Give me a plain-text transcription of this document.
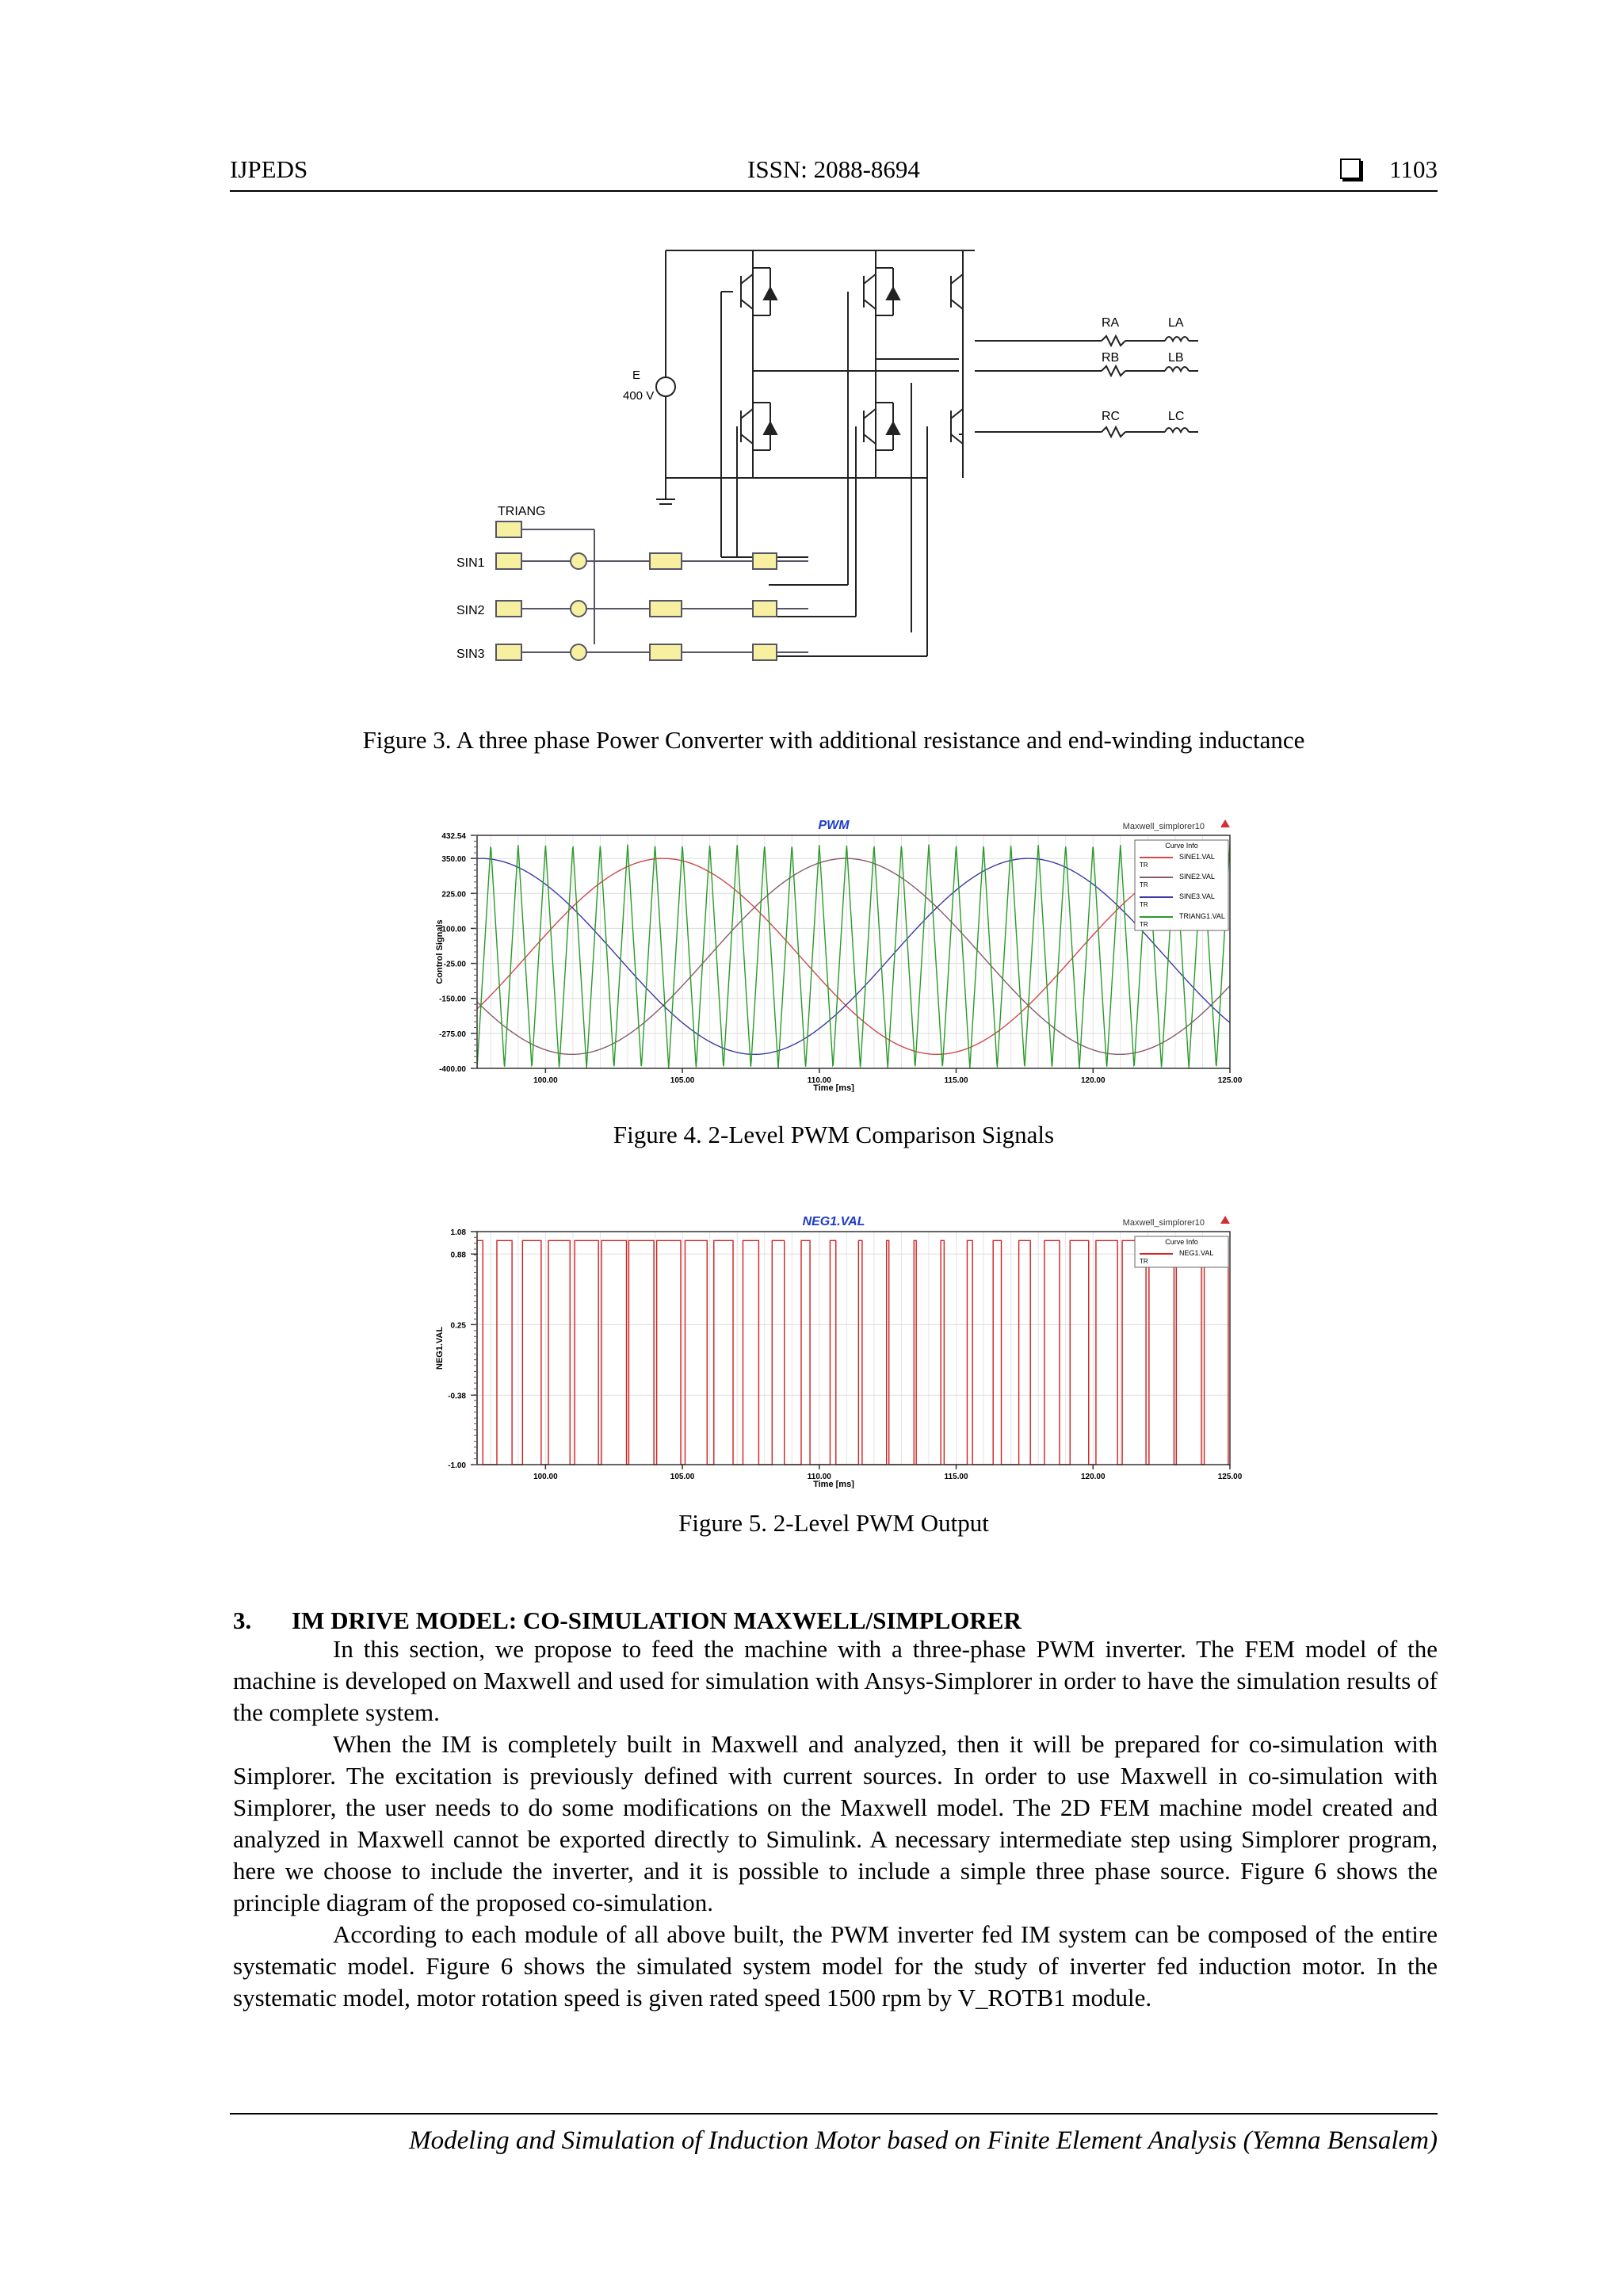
IJPEDS	ISSN: 2088-8694	1103
E
400 V
TRIANG
SIN1
SIN2
SIN3
RA	LA
RB	LB
RC	LC
Figure 3. A three phase Power Converter with additional resistance and end-winding inductance
432.54
350.00
225.00
100.00
-25.00
-150.00
-275.00
-400.00
100.00	105.00	110.00	115.00	120.00	125.00
PWM	Maxwell_simplorer10
Time [ms]
Control Signals
Curve Info
SINE1.VAL
TR
SINE2.VAL
TR
SINE3.VAL
TR
TRIANG1.VAL
TR
Figure 4. 2-Level PWM Comparison Signals
1.08
0.88
0.25
-0.38
-1.00
100.00	105.00	110.00	115.00	120.00	125.00
NEG1.VAL	Maxwell_simplorer10
Time [ms]
NEG1.VAL
Curve Info
NEG1.VAL
TR
Figure 5. 2-Level PWM Output
3. IM DRIVE MODEL: CO-SIMULATION MAXWELL/SIMPLORER

In this section, we propose to feed the machine with a three-phase PWM inverter. The FEM model of the machine is developed on Maxwell and used for simulation with Ansys-Simplorer in order to have the simulation results of the complete system.

When the IM is completely built in Maxwell and analyzed, then it will be prepared for co-simulation with Simplorer. The excitation is previously defined with current sources. In order to use Maxwell in co-simulation with Simplorer, the user needs to do some modifications on the Maxwell model. The 2D FEM machine model created and analyzed in Maxwell cannot be exported directly to Simulink. A necessary intermediate step using Simplorer program, here we choose to include the inverter, and it is possible to include a simple three phase source. Figure 6 shows the principle diagram of the proposed co-simulation.

According to each module of all above built, the PWM inverter fed IM system can be composed of the entire systematic model. Figure 6 shows the simulated system model for the study of inverter fed induction motor. In the systematic model, motor rotation speed is given rated speed 1500 rpm by V_ROTB1 module.

Modeling and Simulation of Induction Motor based on Finite Element Analysis (Yemna Bensalem)
